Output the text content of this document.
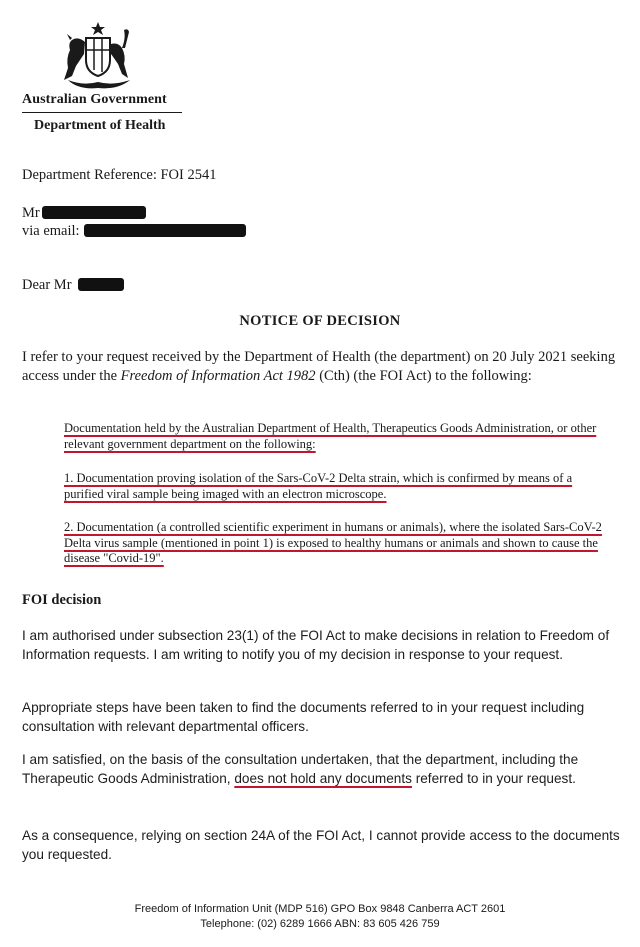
Australian Government
Department of Health
Department Reference: FOI 2541
Mr
via email:
Dear Mr
NOTICE OF DECISION
I refer to your request received by the Department of Health (the department) on 20 July 2021 seeking access under the Freedom of Information Act 1982 (Cth) (the FOI Act) to the following:
Documentation held by the Australian Department of Health, Therapeutics Goods Administration, or other relevant government department on the following:
1. Documentation proving isolation of the Sars-CoV-2 Delta strain, which is confirmed by means of a purified viral sample being imaged with an electron microscope.
2. Documentation (a controlled scientific experiment in humans or animals), where the isolated Sars-CoV-2 Delta virus sample (mentioned in point 1) is exposed to healthy humans or animals and shown to cause the disease "Covid-19".
FOI decision
I am authorised under subsection 23(1) of the FOI Act to make decisions in relation to Freedom of Information requests. I am writing to notify you of my decision in response to your request.
Appropriate steps have been taken to find the documents referred to in your request including consultation with relevant departmental officers.
I am satisfied, on the basis of the consultation undertaken, that the department, including the Therapeutic Goods Administration, does not hold any documents referred to in your request.
As a consequence, relying on section 24A of the FOI Act, I cannot provide access to the documents you requested.
Freedom of Information Unit (MDP 516) GPO Box 9848 Canberra ACT 2601
Telephone: (02) 6289 1666 ABN: 83 605 426 759
